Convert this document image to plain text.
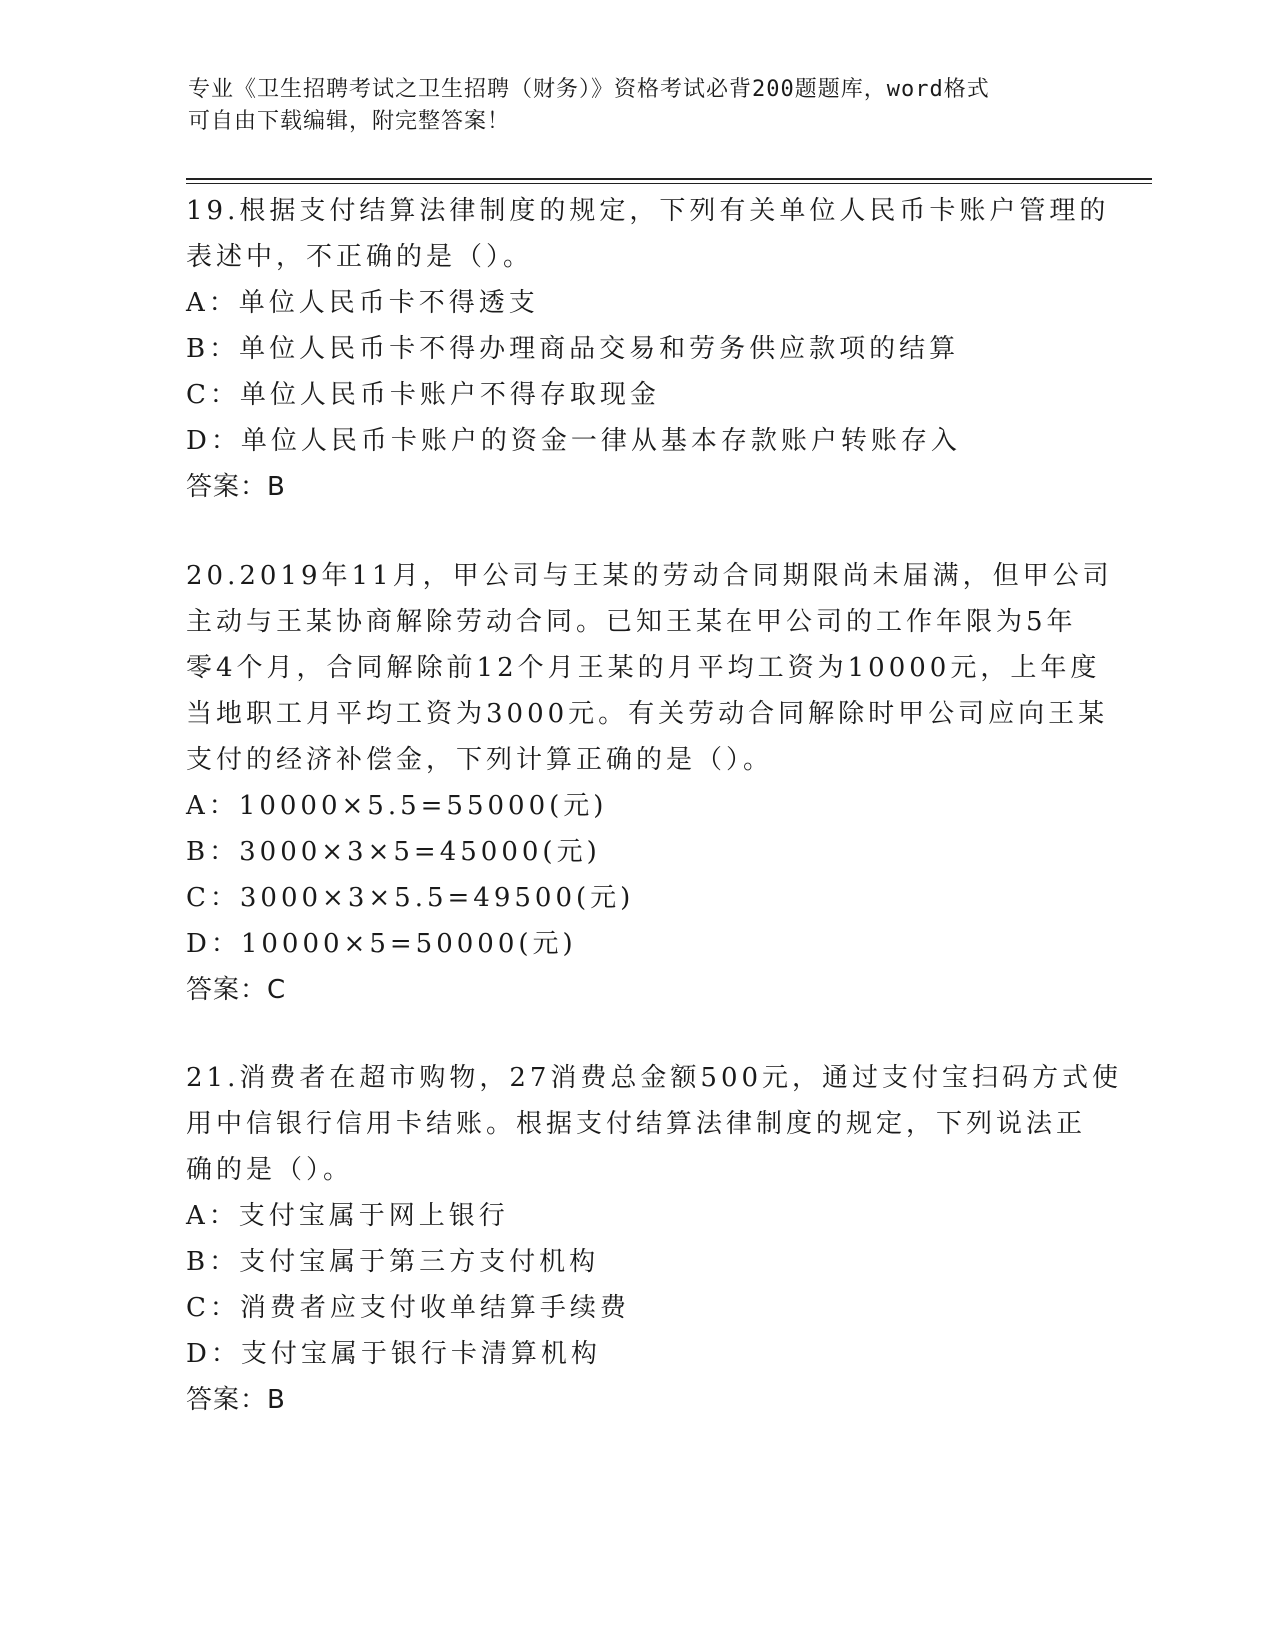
专业《卫生招聘考试之卫生招聘（财务）》资格考试必背200题题库，word格式
可自由下载编辑，附完整答案！
19.根据支付结算法律制度的规定，下列有关单位人民币卡账户管理的
表述中，不正确的是（）。
A：单位人民币卡不得透支
B：单位人民币卡不得办理商品交易和劳务供应款项的结算
C：单位人民币卡账户不得存取现金
D：单位人民币卡账户的资金一律从基本存款账户转账存入
答案：B
20.2019年11月，甲公司与王某的劳动合同期限尚未届满，但甲公司
主动与王某协商解除劳动合同。已知王某在甲公司的工作年限为5年
零4个月，合同解除前12个月王某的月平均工资为10000元，上年度
当地职工月平均工资为3000元。有关劳动合同解除时甲公司应向王某
支付的经济补偿金，下列计算正确的是（）。
A：10000×5.5=55000(元)
B：3000×3×5=45000(元)
C：3000×3×5.5=49500(元)
D：10000×5=50000(元)
答案：C
21.消费者在超市购物，27消费总金额500元，通过支付宝扫码方式使
用中信银行信用卡结账。根据支付结算法律制度的规定，下列说法正
确的是（）。
A：支付宝属于网上银行
B：支付宝属于第三方支付机构
C：消费者应支付收单结算手续费
D：支付宝属于银行卡清算机构
答案：B
